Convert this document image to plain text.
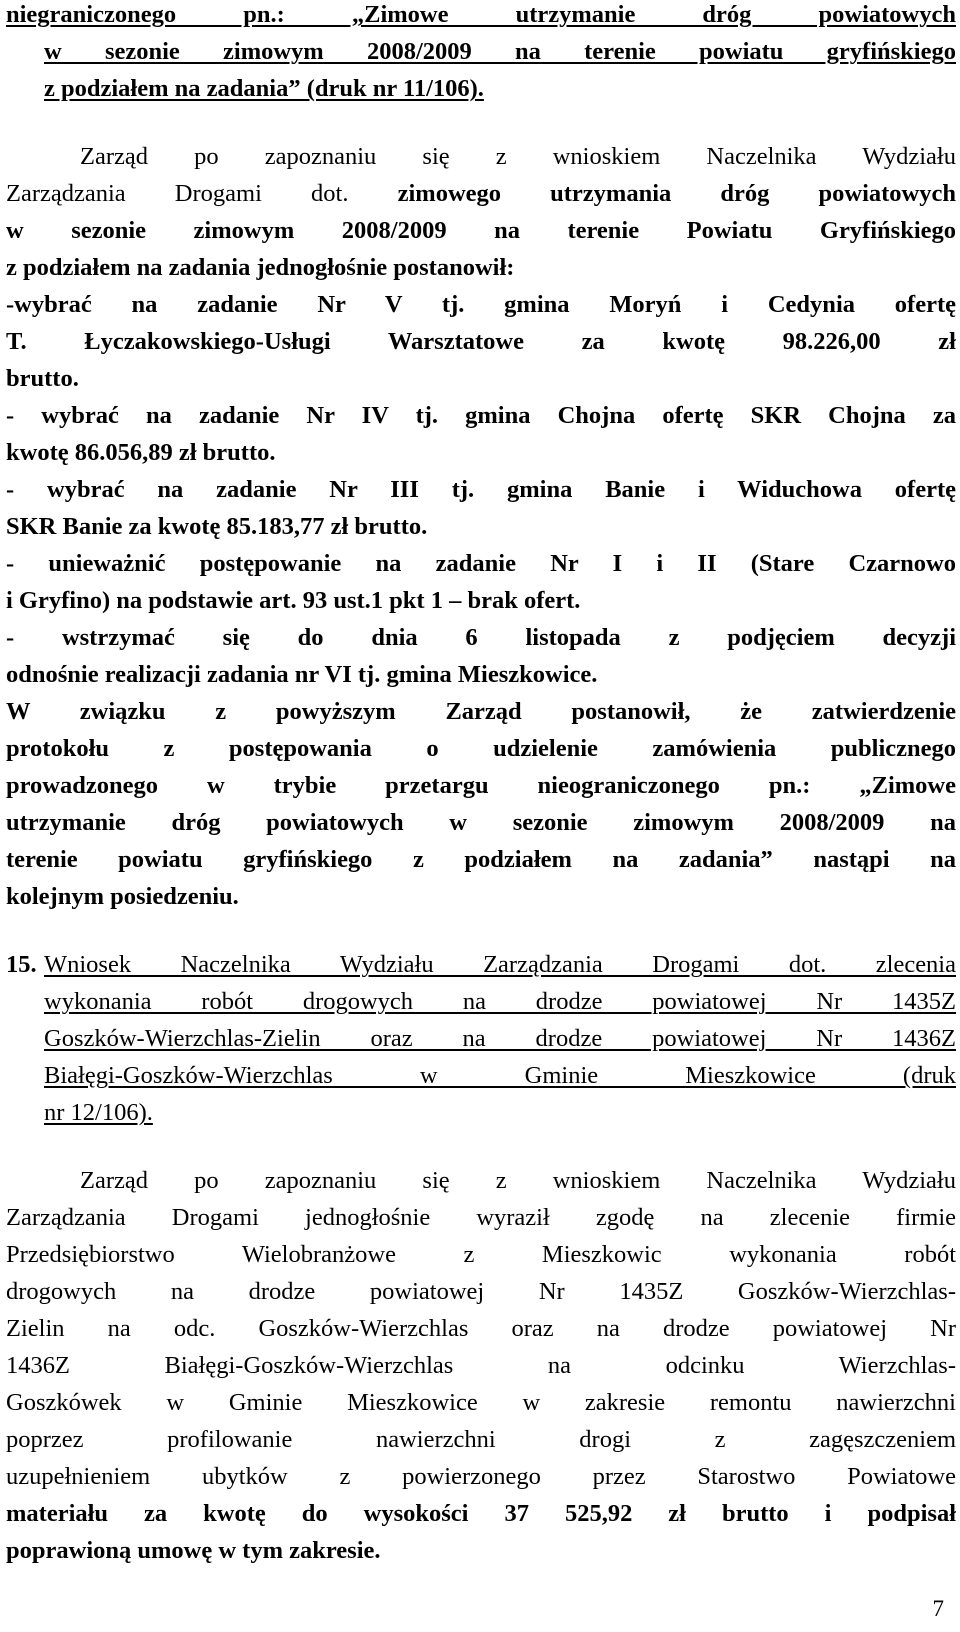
niegraniczonego pn.: „Zimowe utrzymanie dróg powiatowych
w sezonie zimowym 2008/2009 na terenie powiatu gryfińskiego
z podziałem na zadania” (druk nr 11/106).
Zarząd po zapoznaniu się z wnioskiem Naczelnika Wydziału
Zarządzania Drogami dot. zimowego utrzymania dróg powiatowych
w sezonie zimowym 2008/2009 na terenie Powiatu Gryfińskiego
z podziałem na zadania jednogłośnie postanowił:
-wybrać na zadanie Nr V tj. gmina Moryń i Cedynia ofertę
T. Łyczakowskiego-Usługi Warsztatowe za kwotę 98.226,00 zł
brutto.
- wybrać na zadanie Nr IV tj. gmina Chojna ofertę SKR Chojna za
kwotę 86.056,89 zł brutto.
- wybrać na zadanie Nr III tj. gmina Banie i Widuchowa ofertę
SKR Banie za kwotę 85.183,77 zł brutto.
- unieważnić postępowanie na zadanie Nr I i II (Stare Czarnowo
i Gryfino) na podstawie art. 93 ust.1 pkt 1 – brak ofert.
- wstrzymać się do dnia 6 listopada z podjęciem decyzji
odnośnie realizacji zadania nr VI tj. gmina Mieszkowice.
W związku z powyższym Zarząd postanowił, że zatwierdzenie
protokołu z postępowania o udzielenie zamówienia publicznego
prowadzonego w trybie przetargu nieograniczonego pn.: „Zimowe
utrzymanie dróg powiatowych w sezonie zimowym 2008/2009 na
terenie powiatu gryfińskiego z podziałem na zadania” nastąpi na
kolejnym posiedzeniu.
15. Wniosek Naczelnika Wydziału Zarządzania Drogami dot. zlecenia
wykonania robót drogowych na drodze powiatowej Nr 1435Z
Goszków-Wierzchlas-Zielin oraz na drodze powiatowej Nr 1436Z
Białęgi-Goszków-Wierzchlas w Gminie Mieszkowice (druk
nr 12/106).
Zarząd po zapoznaniu się z wnioskiem Naczelnika Wydziału
Zarządzania Drogami jednogłośnie wyraził zgodę na zlecenie firmie
Przedsiębiorstwo Wielobranżowe z Mieszkowic wykonania robót
drogowych na drodze powiatowej Nr 1435Z Goszków-Wierzchlas-
Zielin na odc. Goszków-Wierzchlas oraz na drodze powiatowej Nr
1436Z Białęgi-Goszków-Wierzchlas na odcinku Wierzchlas-
Goszkówek w Gminie Mieszkowice w zakresie remontu nawierzchni
poprzez profilowanie nawierzchni drogi z zagęszczeniem
uzupełnieniem ubytków z powierzonego przez Starostwo Powiatowe
materiału za kwotę do wysokości 37 525,92 zł brutto i podpisał
poprawioną umowę w tym zakresie.
7
